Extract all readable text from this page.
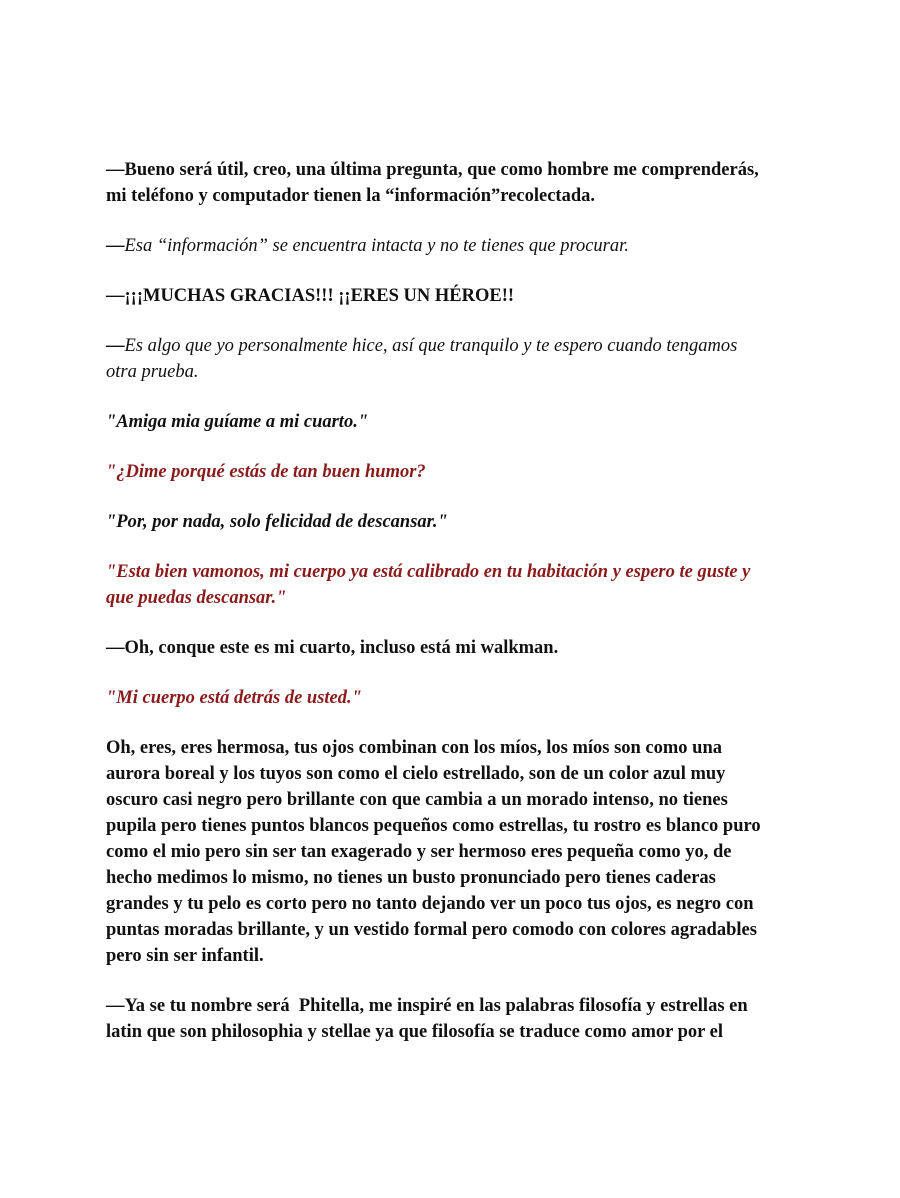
—Bueno será útil, creo, una última pregunta, que como hombre me comprenderás,
mi teléfono y computador tienen la “información”recolectada.

—Esa “información” se encuentra intacta y no te tienes que procurar.

—¡¡¡MUCHAS GRACIAS!!! ¡¡ERES UN HÉROE!!

—Es algo que yo personalmente hice, así que tranquilo y te espero cuando tengamos
otra prueba.

"Amiga mia guíame a mi cuarto."

"¿Dime porqué estás de tan buen humor?

"Por, por nada, solo felicidad de descansar."

"Esta bien vamonos, mi cuerpo ya está calibrado en tu habitación y espero te guste y
que puedas descansar."

—Oh, conque este es mi cuarto, incluso está mi walkman.

"Mi cuerpo está detrás de usted."

Oh, eres, eres hermosa, tus ojos combinan con los míos, los míos son como una
aurora boreal y los tuyos son como el cielo estrellado, son de un color azul muy
oscuro casi negro pero brillante con que cambia a un morado intenso, no tienes
pupila pero tienes puntos blancos pequeños como estrellas, tu rostro es blanco puro
como el mio pero sin ser tan exagerado y ser hermoso eres pequeña como yo, de
hecho medimos lo mismo, no tienes un busto pronunciado pero tienes caderas
grandes y tu pelo es corto pero no tanto dejando ver un poco tus ojos, es negro con
puntas moradas brillante, y un vestido formal pero comodo con colores agradables
pero sin ser infantil.

—Ya se tu nombre será  Phitella, me inspiré en las palabras filosofía y estrellas en
latin que son philosophia y stellae ya que filosofía se traduce como amor por el
